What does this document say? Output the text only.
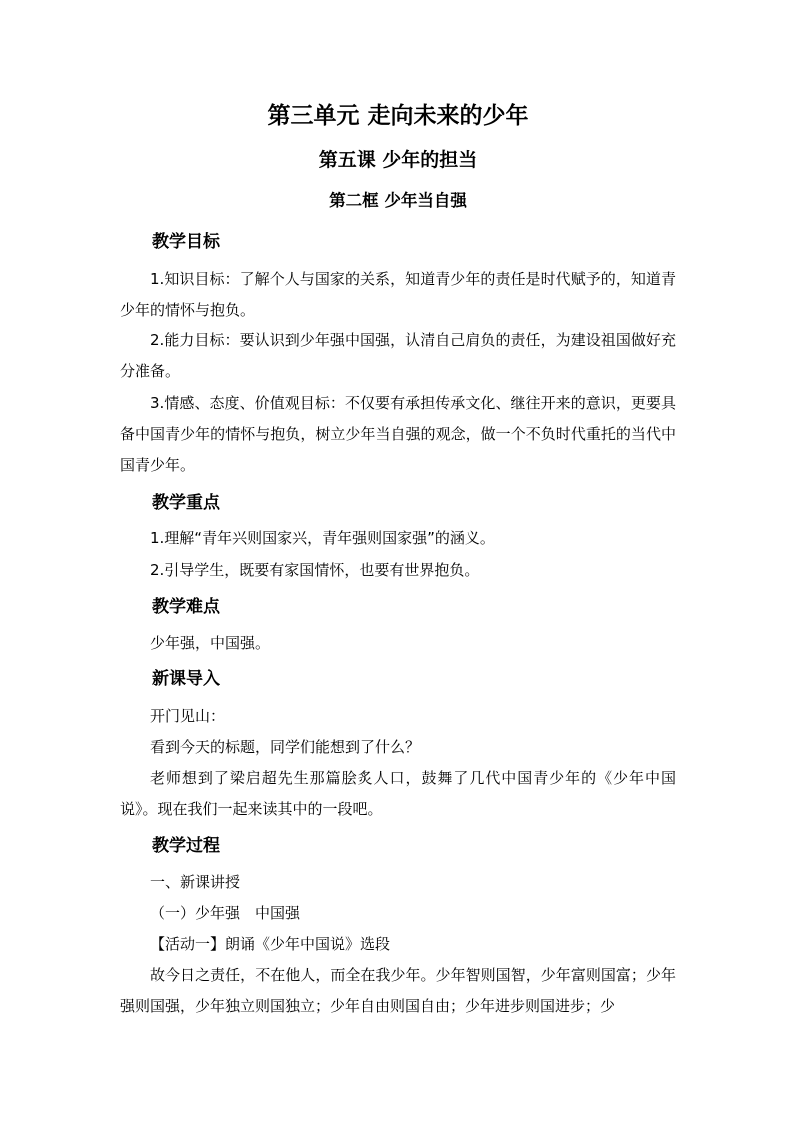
第三单元 走向未来的少年
第五课 少年的担当
第二框 少年当自强
教学目标

1.知识目标：了解个人与国家的关系，知道青少年的责任是时代赋予的，知道青少年的情怀与抱负。

2.能力目标：要认识到少年强中国强，认清自己肩负的责任，为建设祖国做好充分准备。

3.情感、态度、价值观目标：不仅要有承担传承文化、继往开来的意识，更要具备中国青少年的情怀与抱负，树立少年当自强的观念，做一个不负时代重托的当代中国青少年。

教学重点

1.理解“青年兴则国家兴，青年强则国家强”的涵义。

2.引导学生，既要有家国情怀，也要有世界抱负。

教学难点

少年强，中国强。

新课导入

开门见山：

看到今天的标题，同学们能想到了什么？

老师想到了梁启超先生那篇脍炙人口，鼓舞了几代中国青少年的《少年中国说》。现在我们一起来读其中的一段吧。

教学过程

一、新课讲授

（一）少年强　中国强

【活动一】朗诵《少年中国说》选段

故今日之责任，不在他人，而全在我少年。少年智则国智，少年富则国富；少年强则国强，少年独立则国独立；少年自由则国自由；少年进步则国进步；少
